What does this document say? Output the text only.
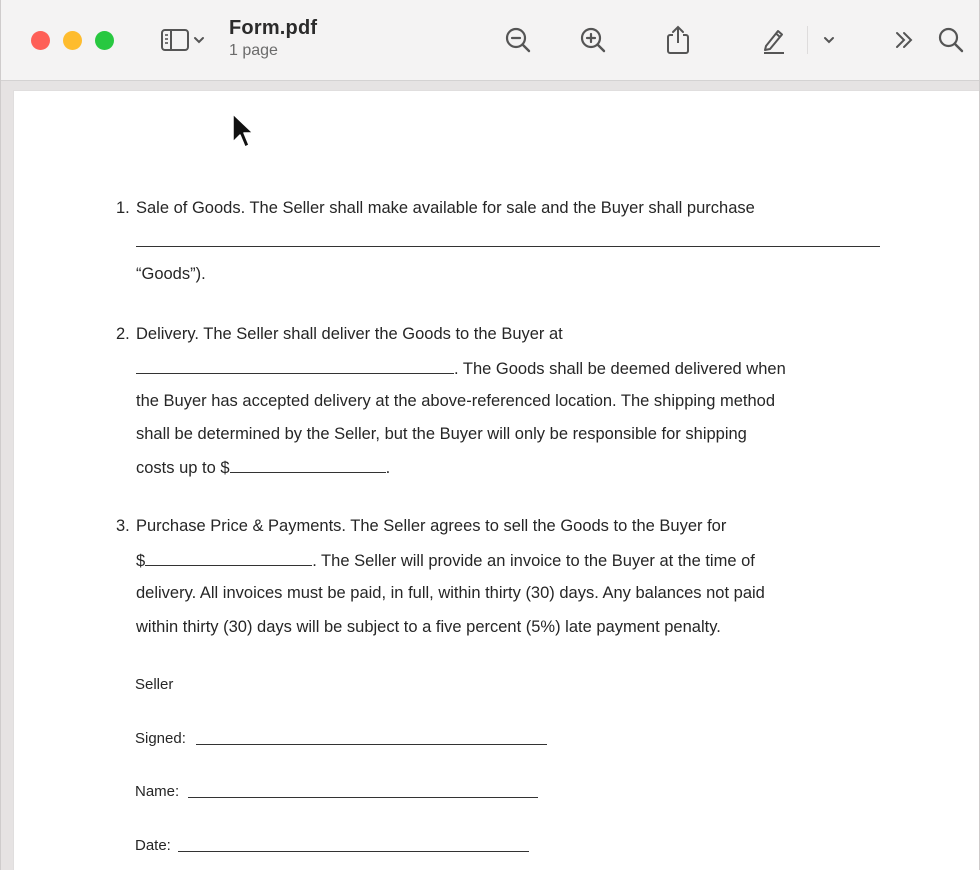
Form.pdf
1 page
1. Sale of Goods. The Seller shall make available for sale and the Buyer shall purchase
“Goods”).
2. Delivery. The Seller shall deliver the Goods to the Buyer at
. The Goods shall be deemed delivered when
the Buyer has accepted delivery at the above-referenced location. The shipping method
shall be determined by the Seller, but the Buyer will only be responsible for shipping
costs up to $	.
3. Purchase Price & Payments. The Seller agrees to sell the Goods to the Buyer for
$	. The Seller will provide an invoice to the Buyer at the time of
delivery. All invoices must be paid, in full, within thirty (30) days. Any balances not paid
within thirty (30) days will be subject to a five percent (5%) late payment penalty.
Seller
Signed:
Name:
Date:
